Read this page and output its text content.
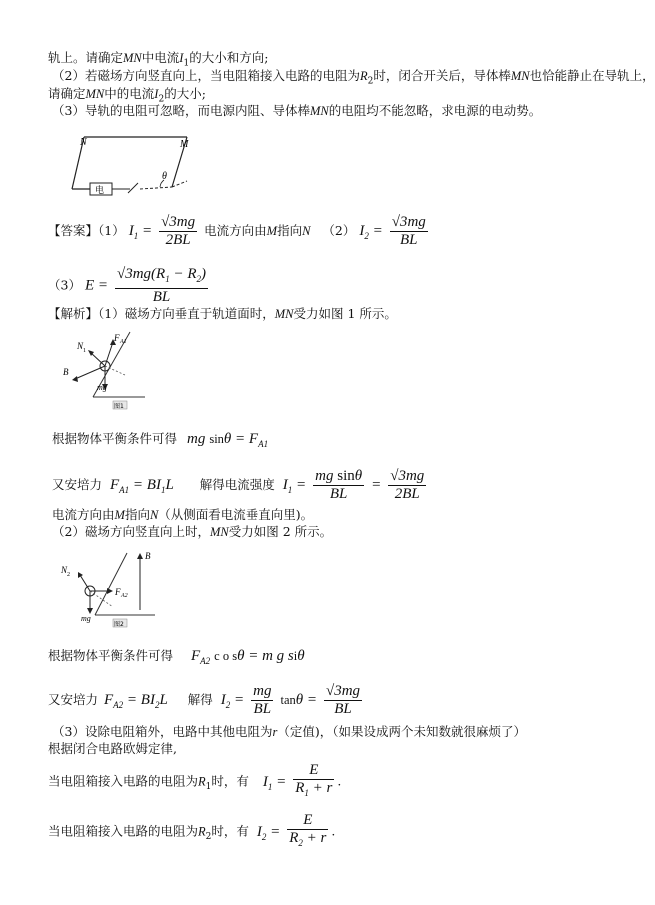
轨上。请确定MN中电流$I_1$的大小和方向;
（2）若磁场方向竖直向上，当电阻箱接入电路的电阻为$R_2$时，闭合开关后，导体棒MN也恰能静止在导轨上，
请确定MN中的电流$I_2$的大小;
（3）导轨的电阻可忽略，而电源内阻、导体棒MN的电阻均不能忽略，求电源的电动势。
电
N	M
θ
【答案】（1） $I_1 = \frac{√3mg}{2BL}$ 电流方向由M指向N （2） $I_2 = \frac{√3mg}{BL}$
（3） $E = \frac{√3mg(R_1 - R_2)}{BL}$
【解析】（1）磁场方向垂直于轨道面时，MN受力如图 1 所示。
F A1
N 1
B
mg
图1
根据物体平衡条件可得 mg $\sin\theta = F_{A1}$
又安培力 $F_{A1} = BI_1L$ 解得电流强度 $I_1 = \frac{\text{mg sinθ}}{BL} = \frac{√3mg}{2BL}$
电流方向由M指向N（从侧面看电流垂直向里)。
（2）磁场方向竖直向上时，MN受力如图 2 所示。
B
N 2
F A2
mg
图2
根据物体平衡条件可得 $F_{A2}$ c o sθ = m g siθ
又安培力 $F_{A2} = BI_2L$ 解得 $I_2 = \frac{mg}{BL}$ $\tan\theta = \frac{√3mg}{BL}$
（3）设除电阻箱外，电路中其他电阻为r（定值)，（如果设成两个未知数就很麻烦了）
根据闭合电路欧姆定律,
当电阻箱接入电路的电阻为$R_1$时，有 $I_1 = \frac{E}{R_1 + r}$ .
当电阻箱接入电路的电阻为$R_2$时，有 $I_2 = \frac{E}{R_2 + r}$ .
